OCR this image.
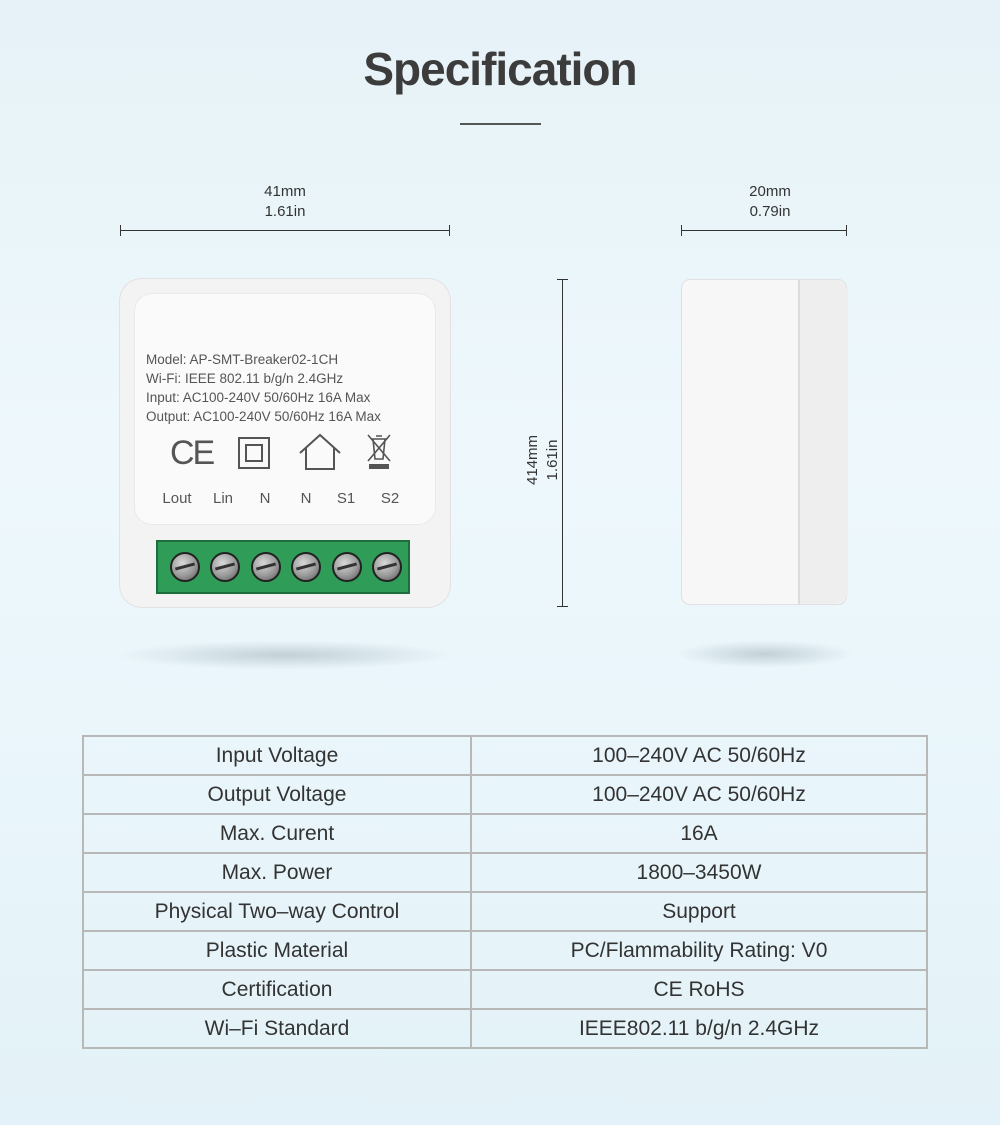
Specification
41mm
1.61in
20mm
0.79in
414mm 1.61in
Model: AP-SMT-Breaker02-1CH
Wi-Fi: IEEE 802.11 b/g/n 2.4GHz
Input: AC100-240V 50/60Hz 16A Max
Output: AC100-240V 50/60Hz 16A Max
CE
Lout	Lin	N	N	S1	S2
Input Voltage	100–240V AC 50/60Hz
Output Voltage	100–240V AC 50/60Hz
Max. Curent	16A
Max. Power	1800–3450W
Physical Two–way Control	Support
Plastic Material	PC/Flammability Rating: V0
Certification	CE RoHS
Wi–Fi Standard	IEEE802.11 b/g/n 2.4GHz
